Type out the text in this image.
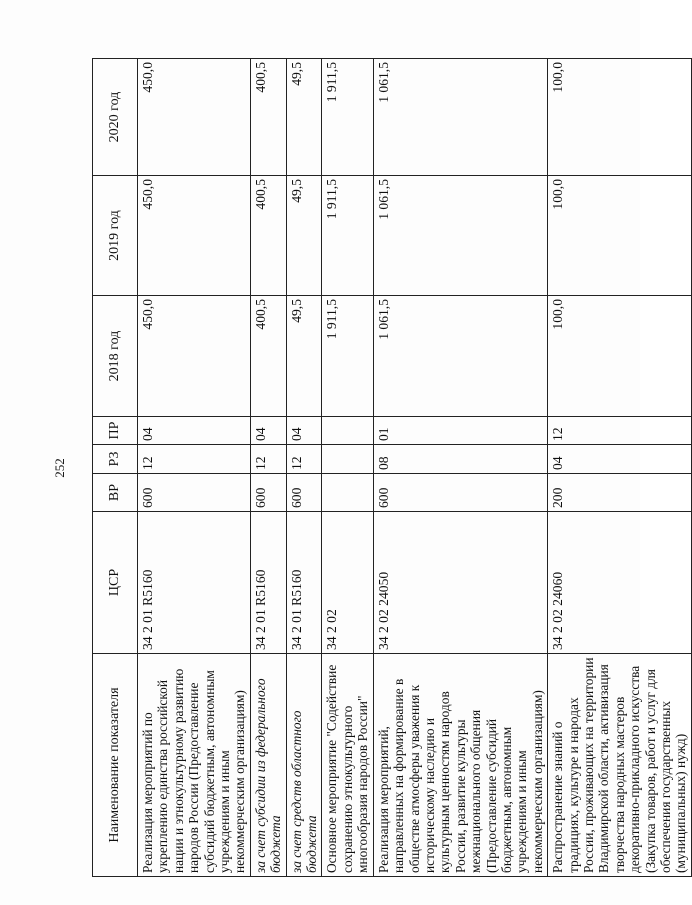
252
Наименование показателя	ЦСР	ВР	РЗ	ПР	2018 год	2019 год	2020 год
Реализация мероприятий по укреплению единства российской нации и этнокультурному развитию народов России (Предоставление субсидий бюджетным, автономным учреждениям и иным некоммерческим организациям)	34 2 01 R5160	600	12	04	450,0	450,0	450,0
за счет субсидии из федерального бюджета	34 2 01 R5160	600	12	04	400,5	400,5	400,5
за счет средств областного бюджета	34 2 01 R5160	600	12	04	49,5	49,5	49,5
Основное мероприятие "Содействие сохранению этнокультурного многообразия народов России"	34 2 02				1 911,5	1 911,5	1 911,5
Реализация мероприятий, направленных на формирование в обществе атмосферы уважения к историческому наследию и культурным ценностям народов России, развитие культуры межнационального общения (Предоставление субсидий бюджетным, автономным учреждениям и иным некоммерческим организациям)	34 2 02 24050	600	08	01	1 061,5	1 061,5	1 061,5
Распространение знаний о традициях, культуре и народах России, проживающих на территории Владимирской области, активизация творчества народных мастеров декоративно-прикладного искусства (Закупка товаров, работ и услуг для обеспечения государственных (муниципальных) нужд)	34 2 02 24060	200	04	12	100,0	100,0	100,0
